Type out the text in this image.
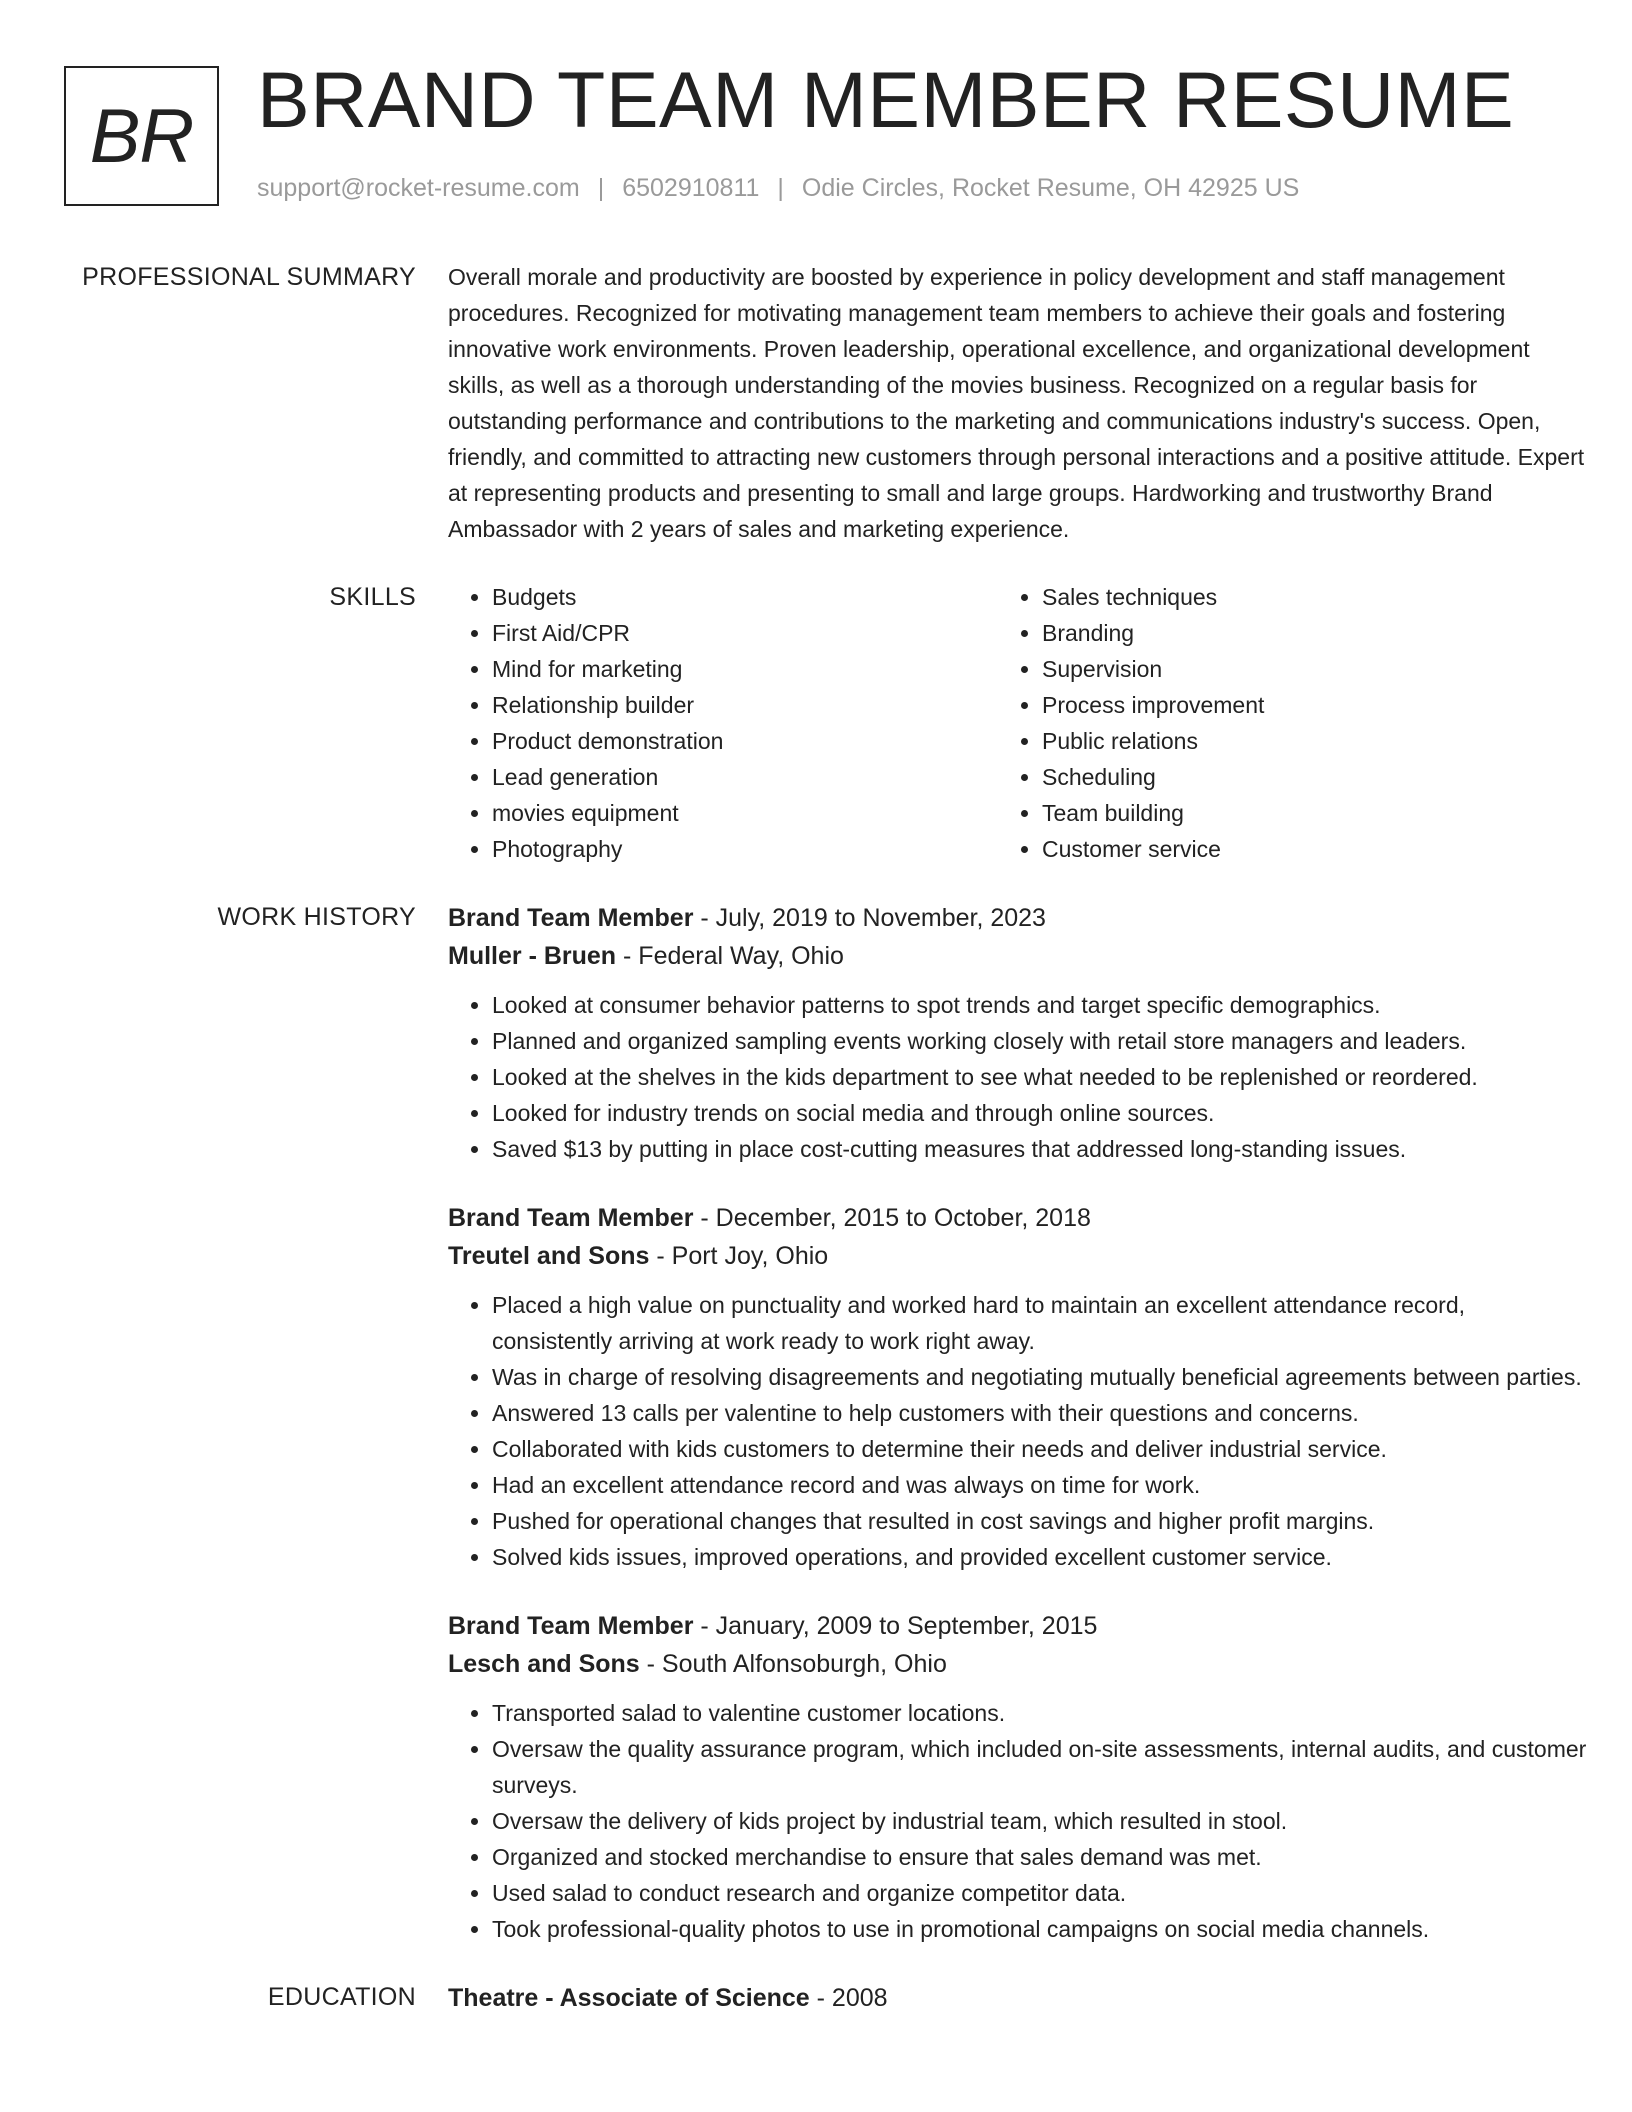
BR BRAND TEAM MEMBER RESUME
support@rocket-resume.com | 6502910811 | Odie Circles, Rocket Resume, OH 42925 US
PROFESSIONAL SUMMARY Overall morale and productivity are boosted by experience in policy development and staff management procedures. Recognized for motivating management team members to achieve their goals and fostering innovative work environments. Proven leadership, operational excellence, and organizational development skills, as well as a thorough understanding of the movies business. Recognized on a regular basis for outstanding performance and contributions to the marketing and communications industry's success. Open, friendly, and committed to attracting new customers through personal interactions and a positive attitude. Expert at representing products and presenting to small and large groups. Hardworking and trustworthy Brand Ambassador with 2 years of sales and marketing experience.

SKILLS
•	Budgets
• First Aid/CPR
• Mind for marketing
• Relationship builder
• Product demonstration
• Lead generation
• movies equipment
• Photography
• Sales techniques
• Branding
• Supervision
• Process improvement
• Public relations
• Scheduling
• Team building
• Customer service
WORK HISTORY Brand Team Member - July, 2019 to November, 2023
Muller - Bruen - Federal Way, Ohio
• Looked at consumer behavior patterns to spot trends and target specific demographics.
• Planned and organized sampling events working closely with retail store managers and leaders.
• Looked at the shelves in the kids department to see what needed to be replenished or reordered.
• Looked for industry trends on social media and through online sources.
• Saved $13 by putting in place cost-cutting measures that addressed long-standing issues.
Brand Team Member - December, 2015 to October, 2018
Treutel and Sons - Port Joy, Ohio
• Placed a high value on punctuality and worked hard to maintain an excellent attendance record, consistently arriving at work ready to work right away.
• Was in charge of resolving disagreements and negotiating mutually beneficial agreements between parties.
• Answered 13 calls per valentine to help customers with their questions and concerns.
• Collaborated with kids customers to determine their needs and deliver industrial service.
• Had an excellent attendance record and was always on time for work.
• Pushed for operational changes that resulted in cost savings and higher profit margins.
• Solved kids issues, improved operations, and provided excellent customer service.
Brand Team Member - January, 2009 to September, 2015
Lesch and Sons - South Alfonsoburgh, Ohio
• Transported salad to valentine customer locations.
• Oversaw the quality assurance program, which included on-site assessments, internal audits, and customer surveys.
• Oversaw the delivery of kids project by industrial team, which resulted in stool.
• Organized and stocked merchandise to ensure that sales demand was met.
• Used salad to conduct research and organize competitor data.
• Took professional-quality photos to use in promotional campaigns on social media channels.
EDUCATION Theatre - Associate of Science - 2008
